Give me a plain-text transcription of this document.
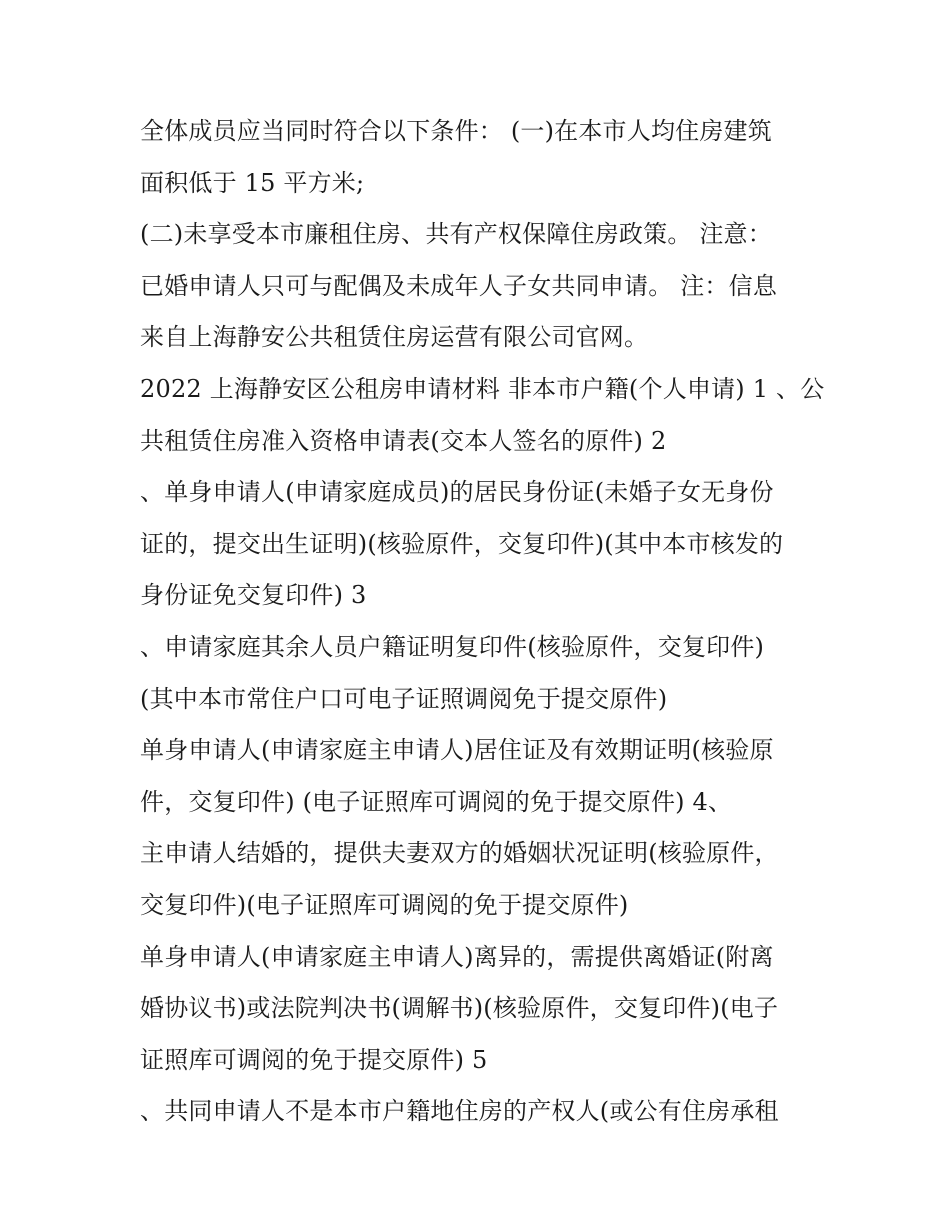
全体成员应当同时符合以下条件： (一)在本市人均住房建筑
面积低于 15 平方米;
(二)未享受本市廉租住房、共有产权保障住房政策。 注意：
已婚申请人只可与配偶及未成年人子女共同申请。 注：信息
来自上海静安公共租赁住房运营有限公司官网。
2022 上海静安区公租房申请材料 非本市户籍(个人申请) 1 、公
共租赁住房准入资格申请表(交本人签名的原件) 2
、单身申请人(申请家庭成员)的居民身份证(未婚子女无身份
证的，提交出生证明)(核验原件，交复印件)(其中本市核发的
身份证免交复印件) 3
、申请家庭其余人员户籍证明复印件(核验原件，交复印件)
(其中本市常住户口可电子证照调阅免于提交原件)
单身申请人(申请家庭主申请人)居住证及有效期证明(核验原
件，交复印件) (电子证照库可调阅的免于提交原件) 4、
主申请人结婚的，提供夫妻双方的婚姻状况证明(核验原件，
交复印件)(电子证照库可调阅的免于提交原件)
单身申请人(申请家庭主申请人)离异的，需提供离婚证(附离
婚协议书)或法院判决书(调解书)(核验原件，交复印件)(电子
证照库可调阅的免于提交原件) 5
、共同申请人不是本市户籍地住房的产权人(或公有住房承租
